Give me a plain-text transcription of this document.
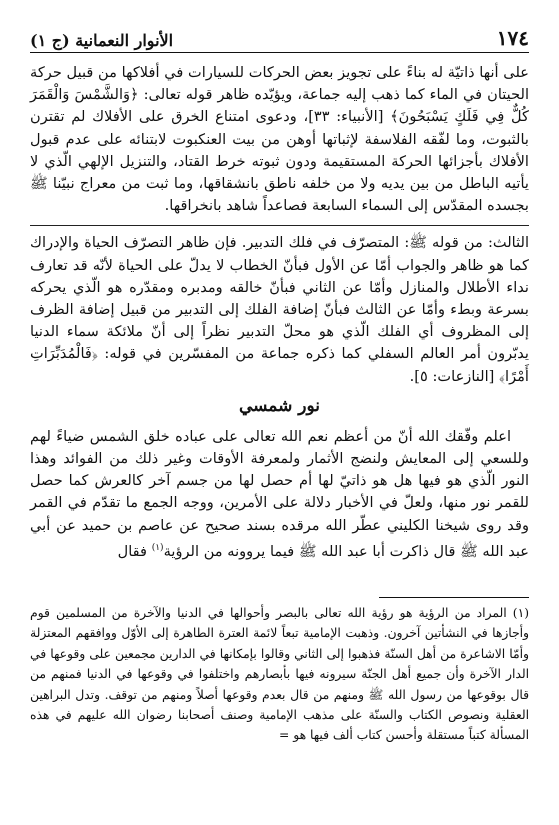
١٧٤
الأنوار النعمانية (ج ١)

على أنها ذاتيّة له بناءً على تجويز بعض الحركات للسيارات في أفلاكها من قبيل حركة الحيتان في الماء كما ذهب إليه جماعة، ويؤيّده ظاهر قوله تعالى: ﴿وَالشَّمْسَ وَالْقَمَرَ كُلٌّ فِي فَلَكٍ يَسْبَحُونَ﴾ [الأنبياء: ٣٣]، ودعوى امتناع الخرق على الأفلاك لم تقترن بالثبوت، وما لفّقه الفلاسفة لإثباتها أوهن من بيت العنكبوت لابتنائه على عدم قبول الأفلاك بأجزائها الحركة المستقيمة ودون ثبوته خرط القتاد، والتنزيل الإلهي الّذي لا يأتيه الباطل من بين يديه ولا من خلفه ناطق بانشقاقها، وما ثبت من معراج نبيّنا ﷺ بجسده المقدّس إلى السماء السابعة فصاعداً شاهد بانخراقها.

الثالث: من قوله ﷺ: المتصرّف في فلك التدبير. فإن ظاهر التصرّف الحياة والإدراك كما هو ظاهر والجواب أمّا عن الأول فبأنّ الخطاب لا يدلّ على الحياة لأنّه قد تعارف نداء الأطلال والمنازل وأمّا عن الثاني فبأنّ خالقه ومدبره ومقدّره هو الّذي يحركه بسرعة وبطء وأمّا عن الثالث فبأنّ إضافة الفلك إلى التدبير من قبيل إضافة الظرف إلى المظروف أي الفلك الّذي هو محلّ التدبير نظراً إلى أنّ ملائكة سماء الدنيا يدبّرون أمر العالم السفلي كما ذكره جماعة من المفسّرين في قوله: ﴿فَالْمُدَبِّرَاتِ أَمْرًا﴾ [النازعات: ٥].

نور شمسي

اعلم وفّقك الله أنّ من أعظم نعم الله تعالى على عباده خلق الشمس ضياءً لهم وللسعي إلى المعايش ولنضج الأثمار ولمعرفة الأوقات وغير ذلك من الفوائد وهذا النور الّذي هو فيها هل هو ذاتيّ لها أم حصل لها من جسم آخر كالعرش كما حصل للقمر نور منها، ولعلّ في الأخبار دلالة على الأمرين، ووجه الجمع ما تقدّم في القمر وقد روى شيخنا الكليني عطّر الله مرقده بسند صحيح عن عاصم بن حميد عن أبي عبد الله ﷺ قال ذاكرت أبا عبد الله ﷺ فيما يروونه من الرؤية$^{(١)}$ فقال

(١) المراد من الرؤية هو رؤية الله تعالى بالبصر وأحوالها في الدنيا والآخرة من المسلمين قوم وأجازها في النشأتين آخرون. وذهبت الإمامية تبعاً لائمة العترة الطاهرة إلى الأوّل ووافقهم المعتزلة وأمّا الاشاعرة من أهل السنّة فذهبوا إلى الثاني وقالوا بإمكانها في الدارين مجمعين على وقوعها في الدار الآخرة وأن جميع أهل الجنّة سيرونه فيها بأبصارهم واختلفوا في وقوعها في الدنيا فمنهم من قال بوقوعها من رسول الله ﷺ ومنهم من قال بعدم وقوعها أصلاً ومنهم من توقف. وتدل البراهين العقلية ونصوص الكتاب والسنّة على مذهب الإمامية وصنف أصحابنا رضوان الله عليهم في هذه المسألة كتباً مستقلة وأحسن كتاب ألف فيها هو =
